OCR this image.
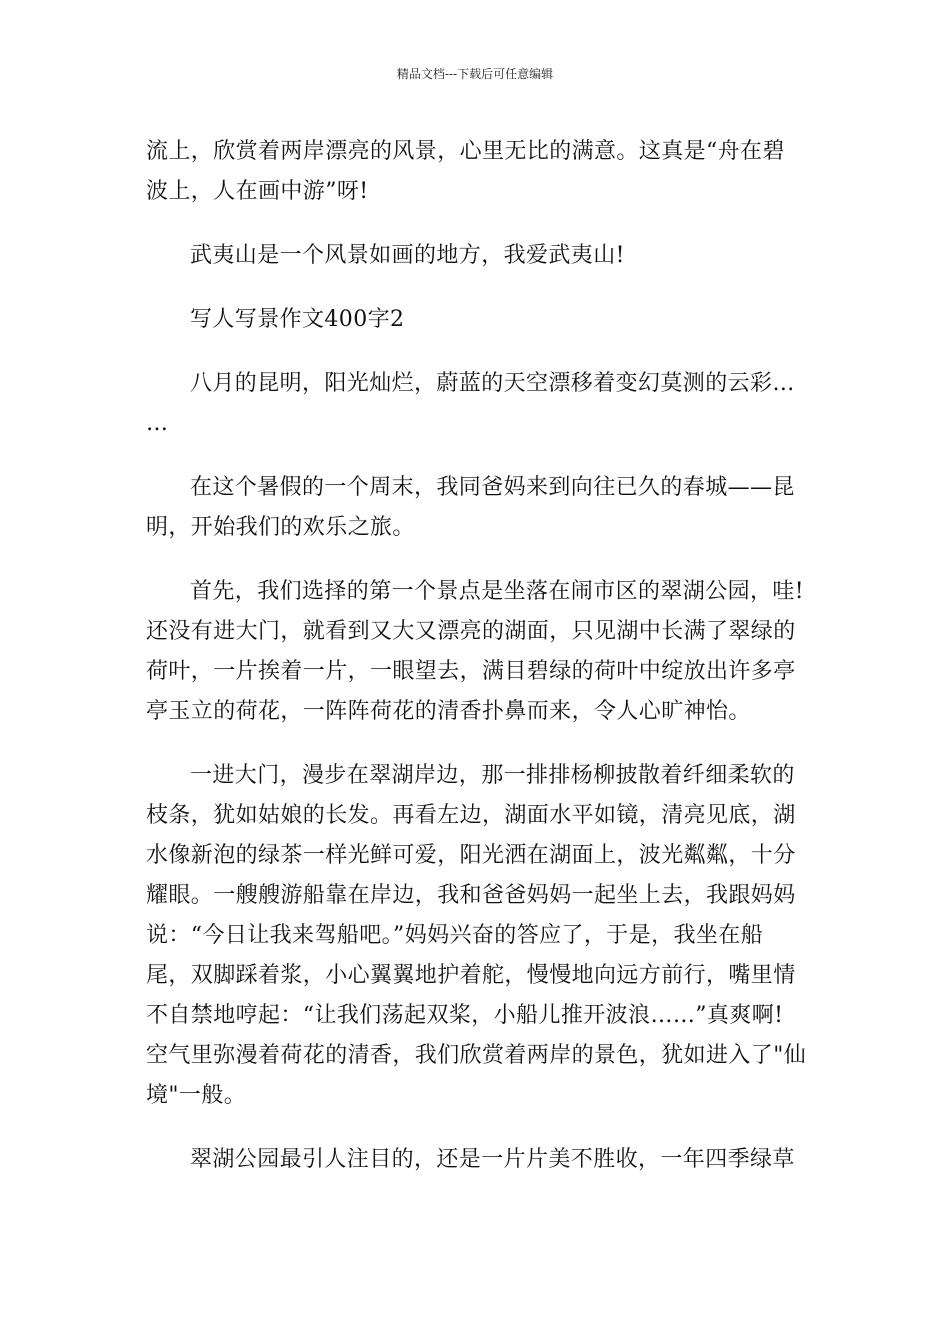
精品文档---下载后可任意编辑
流上，欣赏着两岸漂亮的风景，心里无比的满意。这真是“舟在碧
波上，人在画中游”呀!
武夷山是一个风景如画的地方，我爱武夷山!
写人写景作文400字2
八月的昆明，阳光灿烂，蔚蓝的天空漂移着变幻莫测的云彩…
…
在这个暑假的一个周末，我同爸妈来到向往已久的春城——昆
明，开始我们的欢乐之旅。
首先，我们选择的第一个景点是坐落在闹市区的翠湖公园，哇!
还没有进大门，就看到又大又漂亮的湖面，只见湖中长满了翠绿的
荷叶，一片挨着一片，一眼望去，满目碧绿的荷叶中绽放出许多亭
亭玉立的荷花，一阵阵荷花的清香扑鼻而来，令人心旷神怡。
一进大门，漫步在翠湖岸边，那一排排杨柳披散着纤细柔软的
枝条，犹如姑娘的长发。再看左边，湖面水平如镜，清亮见底，湖
水像新泡的绿茶一样光鲜可爱，阳光洒在湖面上，波光粼粼，十分
耀眼。一艘艘游船靠在岸边，我和爸爸妈妈一起坐上去，我跟妈妈
说：“今日让我来驾船吧。”妈妈兴奋的答应了，于是，我坐在船
尾，双脚踩着浆，小心翼翼地护着舵，慢慢地向远方前行，嘴里情
不自禁地哼起：“让我们荡起双桨，小船儿推开波浪……”真爽啊!
空气里弥漫着荷花的清香，我们欣赏着两岸的景色，犹如进入了"仙
境"一般。
翠湖公园最引人注目的，还是一片片美不胜收，一年四季绿草
